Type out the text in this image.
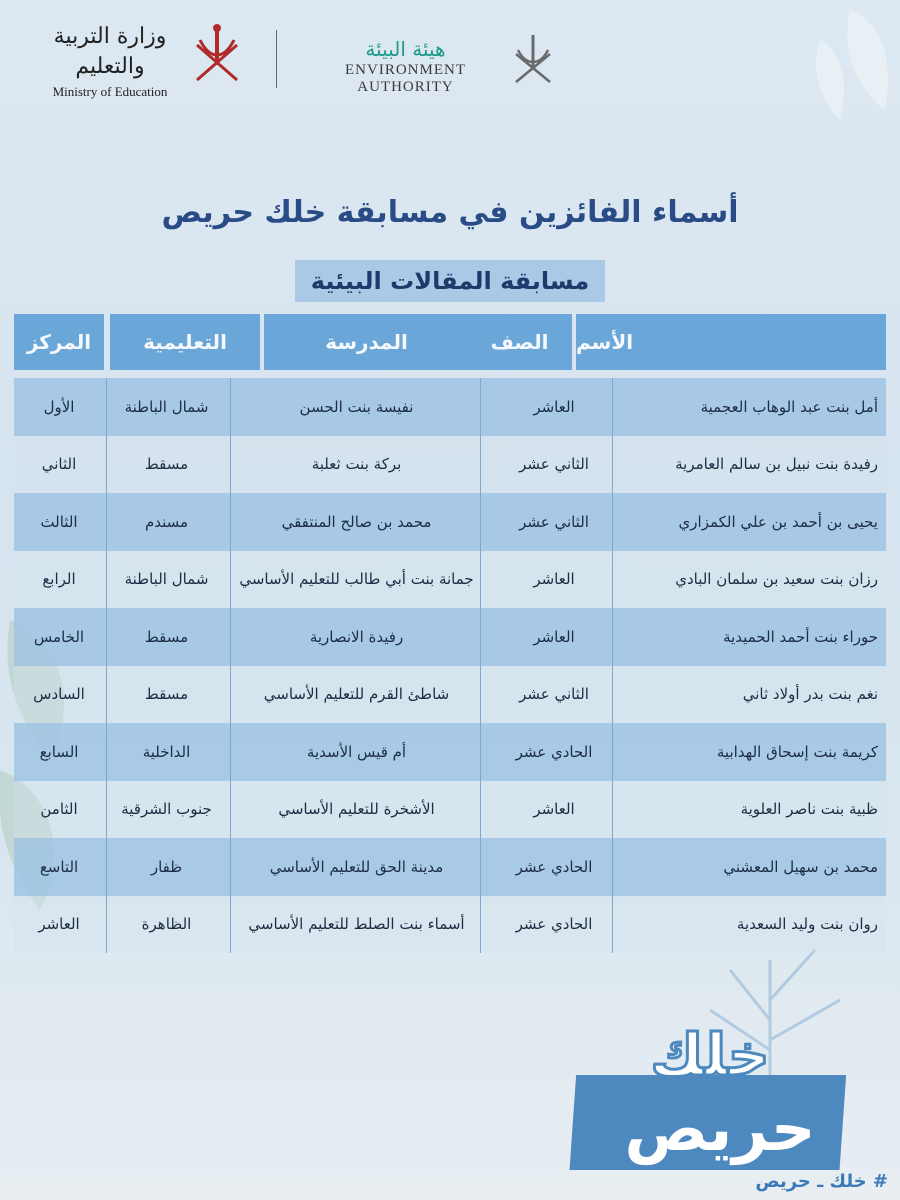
وزارة التربية والتعليم
Ministry of Education
هيئة البيئة
ENVIRONMENT AUTHORITY
أسماء الفائزين في مسابقة خلك حريص
مسابقة المقالات البيئية
المركز	التعليمية	المدرسة	الصف	الأسم
الأول	شمال الباطنة	نفيسة بنت الحسن	العاشر	أمل بنت عبد الوهاب العجمية
الثاني	مسقط	بركة بنت ثعلبة	الثاني عشر	رفيدة بنت نبيل بن سالم العامرية
الثالث	مسندم	محمد بن صالح المنتفقي	الثاني عشر	يحيى بن أحمد بن علي الكمزاري
الرابع	شمال الباطنة	جمانة بنت أبي طالب للتعليم الأساسي	العاشر	رزان بنت سعيد بن سلمان البادي
الخامس	مسقط	رفيدة الانصارية	العاشر	حوراء بنت أحمد الحميدية
السادس	مسقط	شاطئ القرم للتعليم الأساسي	الثاني عشر	نغم بنت بدر أولاد ثاني
السابع	الداخلية	أم قيس الأسدية	الحادي عشر	كريمة بنت إسحاق الهدابية
الثامن	جنوب الشرقية	الأشخرة للتعليم الأساسي	العاشر	ظبية بنت ناصر العلوية
التاسع	ظفار	مدينة الحق للتعليم الأساسي	الحادي عشر	محمد بن سهيل المعشني
العاشر	الظاهرة	أسماء بنت الصلط للتعليم الأساسي	الحادي عشر	روان بنت وليد السعدية
خلك
حريص
# خلك ـ حريص
